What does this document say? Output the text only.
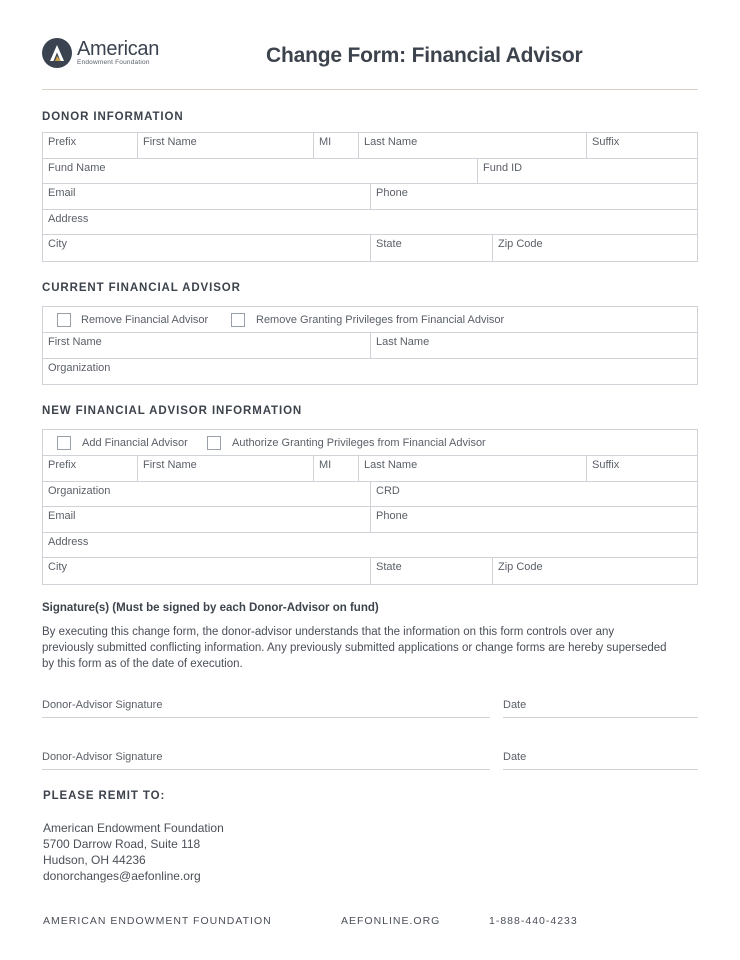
American
Endowment Foundation	Change Form: Financial Advisor
DONOR INFORMATION
Prefix	First Name	MI	Last Name	Suffix
Fund Name	Fund ID
Email	Phone
Address
City	State	Zip Code
CURRENT FINANCIAL ADVISOR
Remove Financial Advisor	Remove Granting Privileges from Financial Advisor
First Name	Last Name
Organization
NEW FINANCIAL ADVISOR INFORMATION
Add Financial Advisor	Authorize Granting Privileges from Financial Advisor
Prefix	First Name	MI	Last Name	Suffix
Organization	CRD
Email	Phone
Address
City	State	Zip Code
Signature(s) (Must be signed by each Donor-Advisor on fund)
By executing this change form, the donor-advisor understands that the information on this form controls over any previously submitted conflicting information. Any previously submitted applications or change forms are hereby superseded by this form as of the date of execution.
Donor-Advisor Signature	Date
Donor-Advisor Signature	Date
PLEASE REMIT TO:
American Endowment Foundation
5700 Darrow Road, Suite 118
Hudson, OH 44236
donorchanges@aefonline.org
AMERICAN ENDOWMENT FOUNDATION	AEFONLINE.ORG	1-888-440-4233
